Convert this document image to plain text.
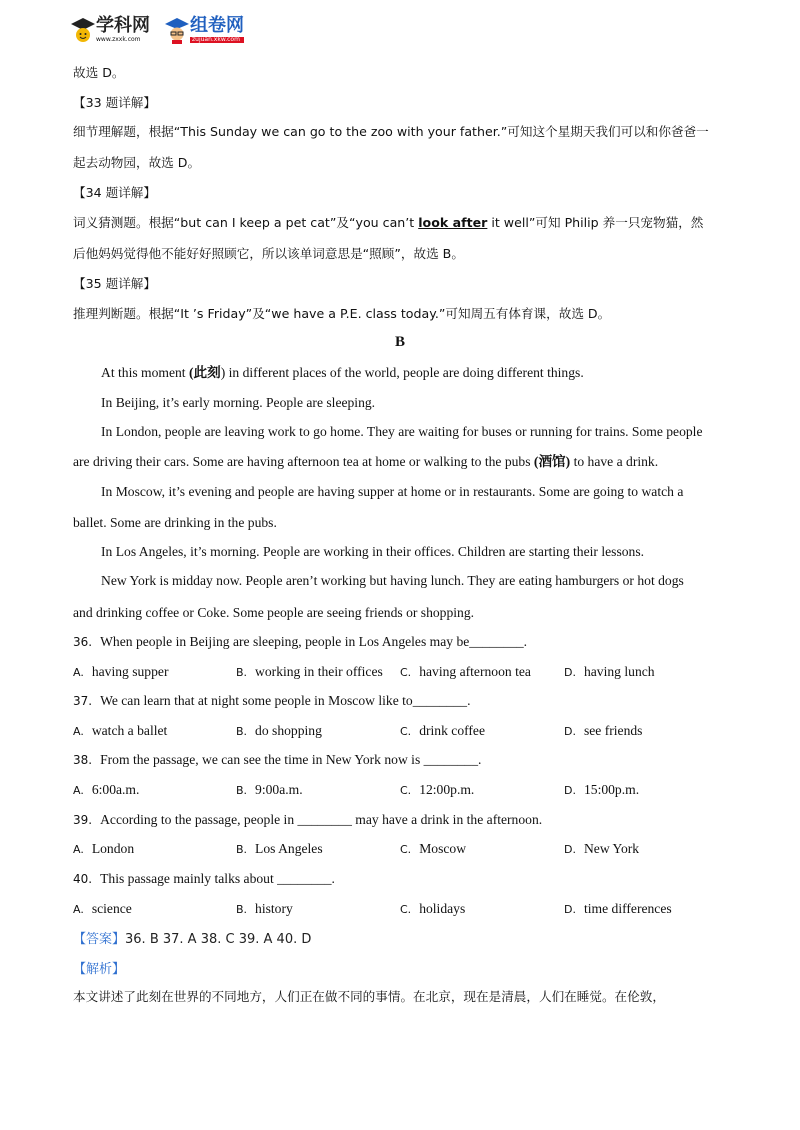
学科网
www.zxxk.com
组卷网
zujuan.xkw.com
故选 D。
【33 题详解】
细节理解题，根据“This Sunday we can go to the zoo with your father.”可知这个星期天我们可以和你爸爸一
起去动物园，故选 D。
【34 题详解】
词义猜测题。根据“but can I keep a pet cat”及“you can’t look after it well”可知 Philip 养一只宠物猫，然
后他妈妈觉得他不能好好照顾它，所以该单词意思是“照顾”，故选 B。
【35 题详解】
推理判断题。根据“It ’s Friday”及“we have a P.E. class today.”可知周五有体育课，故选 D。
B
At this moment (此刻) in different places of the world, people are doing different things.
In Beijing, it’s early morning. People are sleeping.
In London, people are leaving work to go home. They are waiting for buses or running for trains. Some people
are driving their cars. Some are having afternoon tea at home or walking to the pubs (酒馆) to have a drink.
In Moscow, it’s evening and people are having supper at home or in restaurants. Some are going to watch a
ballet. Some are drinking in the pubs.
In Los Angeles, it’s morning. People are working in their offices. Children are starting their lessons.
New York is midday now. People aren’t working but having lunch. They are eating hamburgers or hot dogs
and drinking coffee or Coke. Some people are seeing friends or shopping.
36. When people in Beijing are sleeping, people in Los Angeles may be________.
A. having supper	B. working in their offices C. having afternoon tea	D. having lunch
37. We can learn that at night some people in Moscow like to________.
A. watch a ballet	B. do shopping	C. drink coffee	D. see friends
38. From the passage, we can see the time in New York now is ________.
A. 6:00a.m.	B. 9:00a.m.	C. 12:00p.m.	D. 15:00p.m.
39. According to the passage, people in ________ may have a drink in the afternoon.
A. London	B. Los Angeles	C. Moscow	D. New York
40. This passage mainly talks about ________.
A. science	B. history	C. holidays	D. time differences
【答案】36. B 37. A 38. C 39. A 40. D
【解析】
本文讲述了此刻在世界的不同地方，人们正在做不同的事情。在北京，现在是清晨，人们在睡觉。在伦敦，
